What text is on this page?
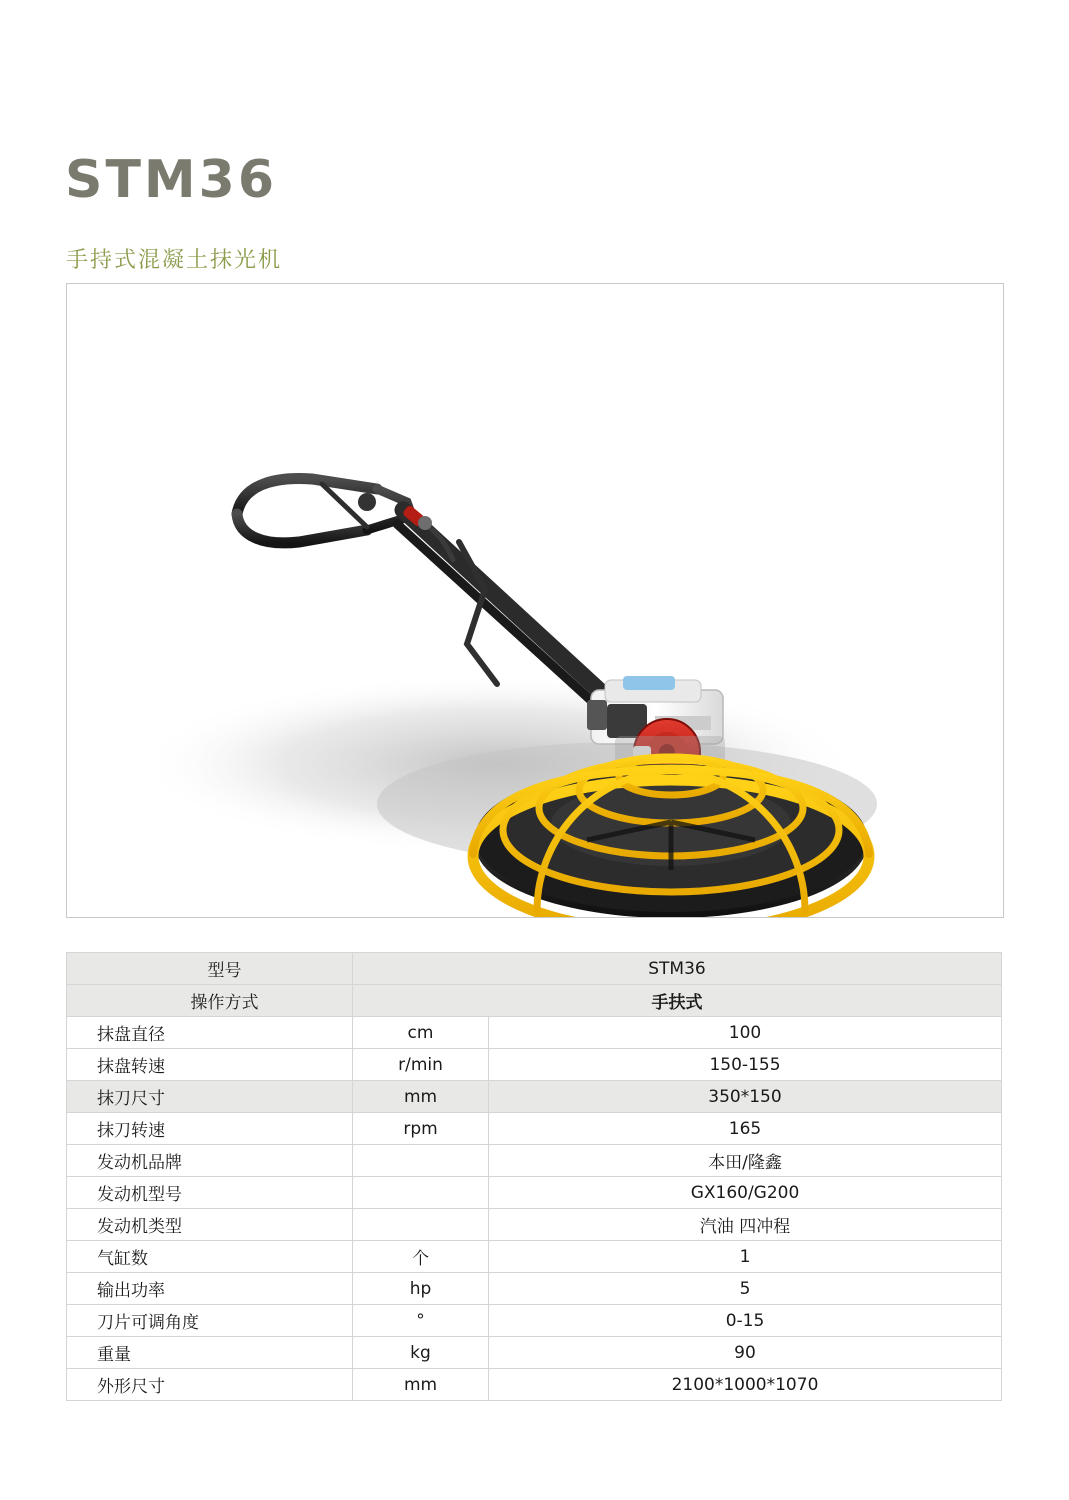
STM36
手持式混凝土抹光机
型号	STM36	
操作方式	手扶式	
抹盘直径	cm	100
抹盘转速	r/min	150-155
抹刀尺寸	mm	350*150
抹刀转速	rpm	165
发动机品牌		本田/隆鑫
发动机型号		GX160/G200
发动机类型		汽油 四冲程
气缸数	个	1
输出功率	hp	5
刀片可调角度	°	0-15
重量	kg	90
外形尺寸	mm	2100*1000*1070
